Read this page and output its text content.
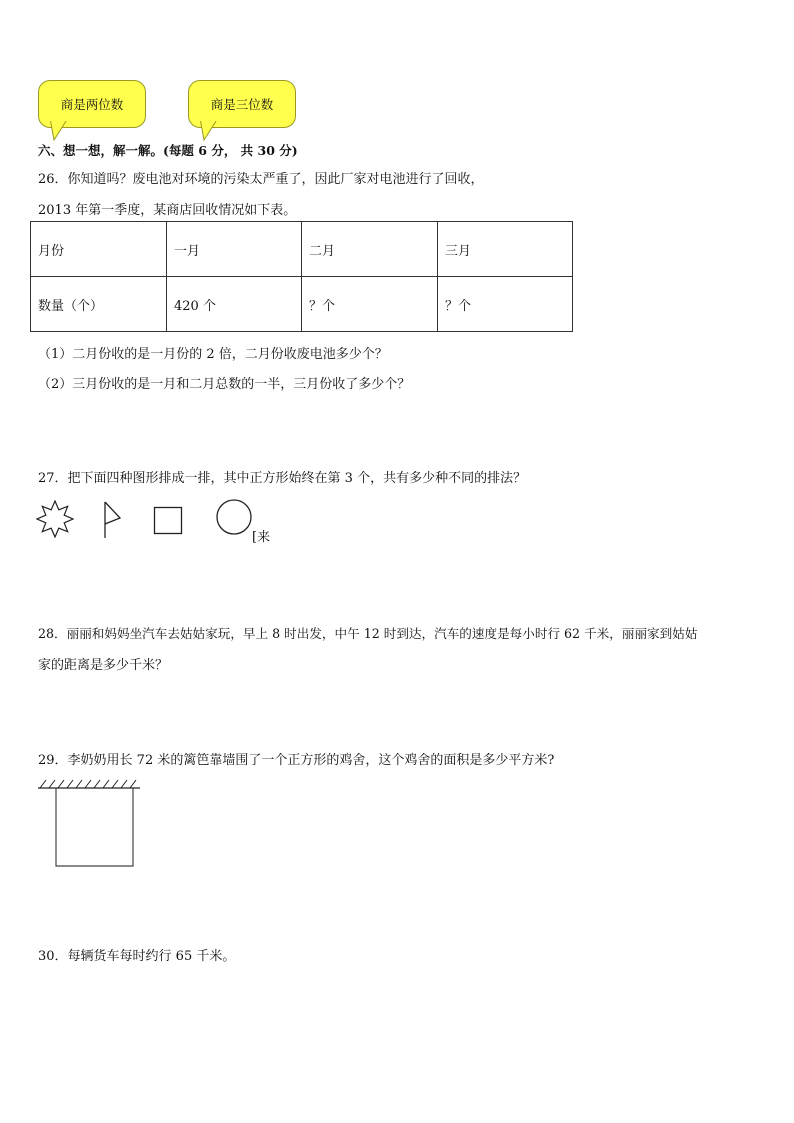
商是两位数	商是三位数
六、想一想，解一解。(每题 6 分， 共 30 分)
26．你知道吗？废电池对环境的污染太严重了，因此厂家对电池进行了回收，
2013 年第一季度，某商店回收情况如下表。
月份	一月	二月	三月
数量（个）	420 个	？个	？个
（1）二月份收的是一月份的 2 倍，二月份收废电池多少个？
（2）三月份收的是一月和二月总数的一半，三月份收了多少个？
27．把下面四种图形排成一排，其中正方形始终在第 3 个，共有多少种不同的排法？
[来
28．丽丽和妈妈坐汽车去姑姑家玩，早上 8 时出发，中午 12 时到达，汽车的速度是每小时行 62 千米，丽丽家到姑姑
家的距离是多少千米？
29．李奶奶用长 72 米的篱笆靠墙围了一个正方形的鸡舍，这个鸡舍的面积是多少平方米?
30．每辆货车每时约行 65 千米。
